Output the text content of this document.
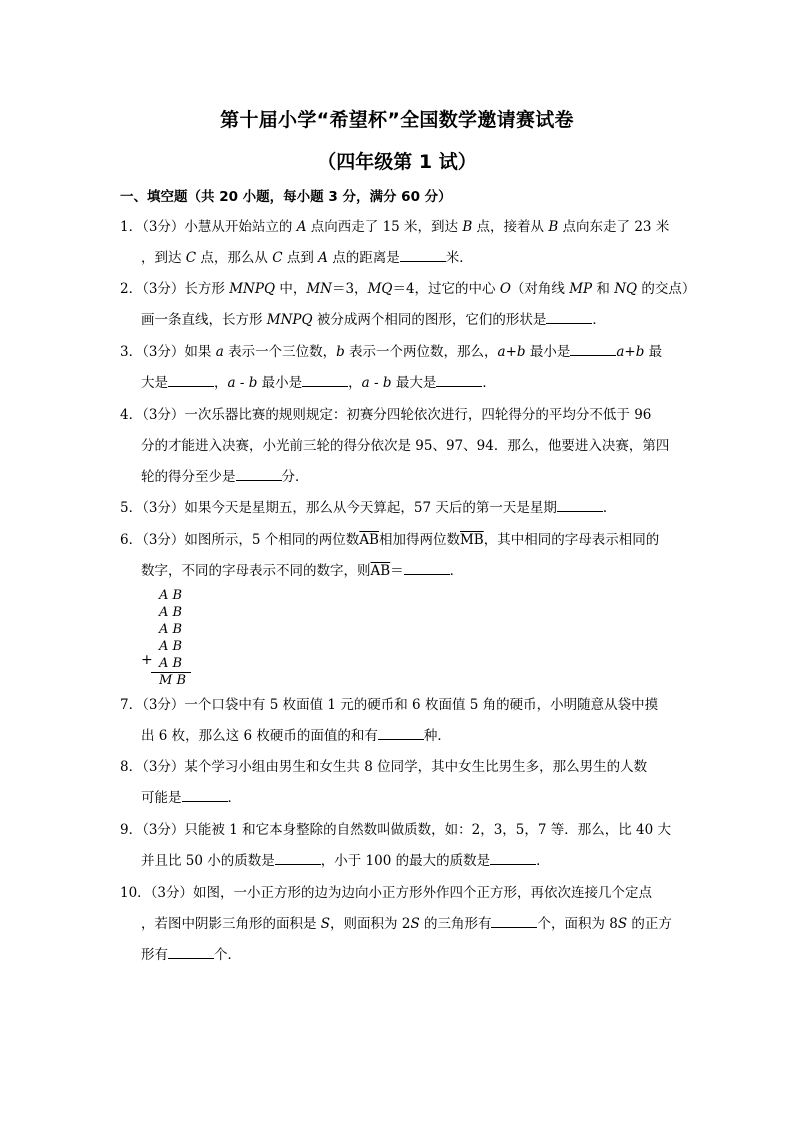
第十届小学“希望杯”全国数学邀请赛试卷
（四年级第 1 试）
一、填空题（共 20 小题，每小题 3 分，满分 60 分）
1．（3分）小慧从开始站立的 A 点向西走了 15 米，到达 B 点，接着从 B 点向东走了 23 米
，到达 C 点，那么从 C 点到 A 点的距离是	米．
2．（3分）长方形 MNPQ 中，MN＝3，MQ＝4，过它的中心 O（对角线 MP 和 NQ 的交点）
画一条直线，长方形 MNPQ 被分成两个相同的图形，它们的形状是	．
3．（3分）如果 a 表示一个三位数，b 表示一个两位数，那么，a+b 最小是	a+b 最
大是	，a - b 最小是	，a - b 最大是	．
4．（3分）一次乐器比赛的规则规定：初赛分四轮依次进行，四轮得分的平均分不低于 96
分的才能进入决赛，小光前三轮的得分依次是 95、97、94．那么，他要进入决赛，第四
轮的得分至少是	分．
5．（3分）如果今天是星期五，那么从今天算起，57 天后的第一天是星期	．
6．（3分）如图所示，5 个相同的两位数$\overline{AB}$相加得两位数$\overline{MB}$，其中相同的字母表示相同的
数字，不同的字母表示不同的数字，则$\overline{AB}=$	．
A B
A B
A B
A B
A B
+
M B
7．（3分）一个口袋中有 5 枚面值 1 元的硬币和 6 枚面值 5 角的硬币，小明随意从袋中摸
出 6 枚，那么这 6 枚硬币的面值的和有	种．
8．（3分）某个学习小组由男生和女生共 8 位同学，其中女生比男生多，那么男生的人数
可能是	．
9．（3分）只能被 1 和它本身整除的自然数叫做质数，如：2，3，5，7 等．那么，比 40 大
并且比 50 小的质数是	，小于 100 的最大的质数是	．
10．（3分）如图，一小正方形的边为边向小正方形外作四个正方形，再依次连接几个定点
，若图中阴影三角形的面积是 S，则面积为 2S 的三角形有	个，面积为 8S 的正方
形有	个．
